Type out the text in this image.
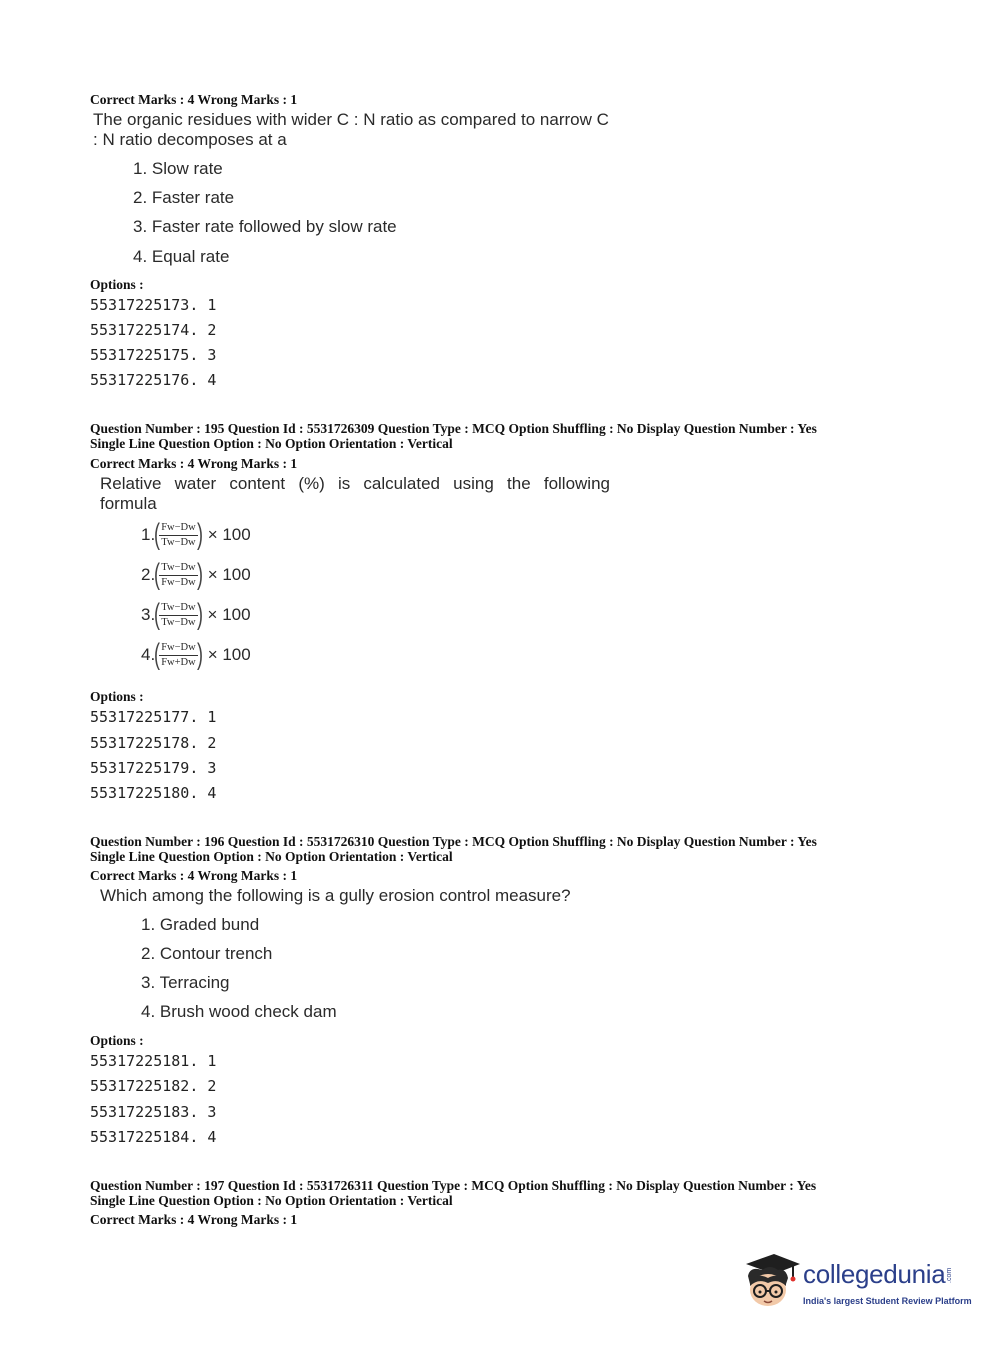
Correct Marks : 4 Wrong Marks : 1
The organic residues with wider C : N ratio as compared to narrow C : N ratio decomposes at a
1. Slow rate
2. Faster rate
3. Faster rate followed by slow rate
4. Equal rate
Options :
55317225173. 1
55317225174. 2
55317225175. 3
55317225176. 4
Question Number : 195 Question Id : 5531726309 Question Type : MCQ Option Shuffling : No Display Question Number : Yes
Single Line Question Option : No Option Orientation : Vertical
Correct Marks : 4 Wrong Marks : 1
Relative water content (%) is calculated using the following formula
1. ( $\frac{Fw-Dw}{Tw-Dw}$ ) × 100
2. ( $\frac{Tw-Dw}{Fw-Dw}$ ) × 100
3. ( $\frac{Tw-Dw}{Tw-Dw}$ ) × 100
4. ( $\frac{Fw-Dw}{Fw+Dw}$ ) × 100
Options :
55317225177. 1
55317225178. 2
55317225179. 3
55317225180. 4
Question Number : 196 Question Id : 5531726310 Question Type : MCQ Option Shuffling : No Display Question Number : Yes
Single Line Question Option : No Option Orientation : Vertical
Correct Marks : 4 Wrong Marks : 1
Which among the following is a gully erosion control measure?
1. Graded bund
2. Contour trench
3. Terracing
4. Brush wood check dam
Options :
55317225181. 1
55317225182. 2
55317225183. 3
55317225184. 4
Question Number : 197 Question Id : 5531726311 Question Type : MCQ Option Shuffling : No Display Question Number : Yes
Single Line Question Option : No Option Orientation : Vertical
Correct Marks : 4 Wrong Marks : 1
collegedunia.com
India's largest Student Review Platform
